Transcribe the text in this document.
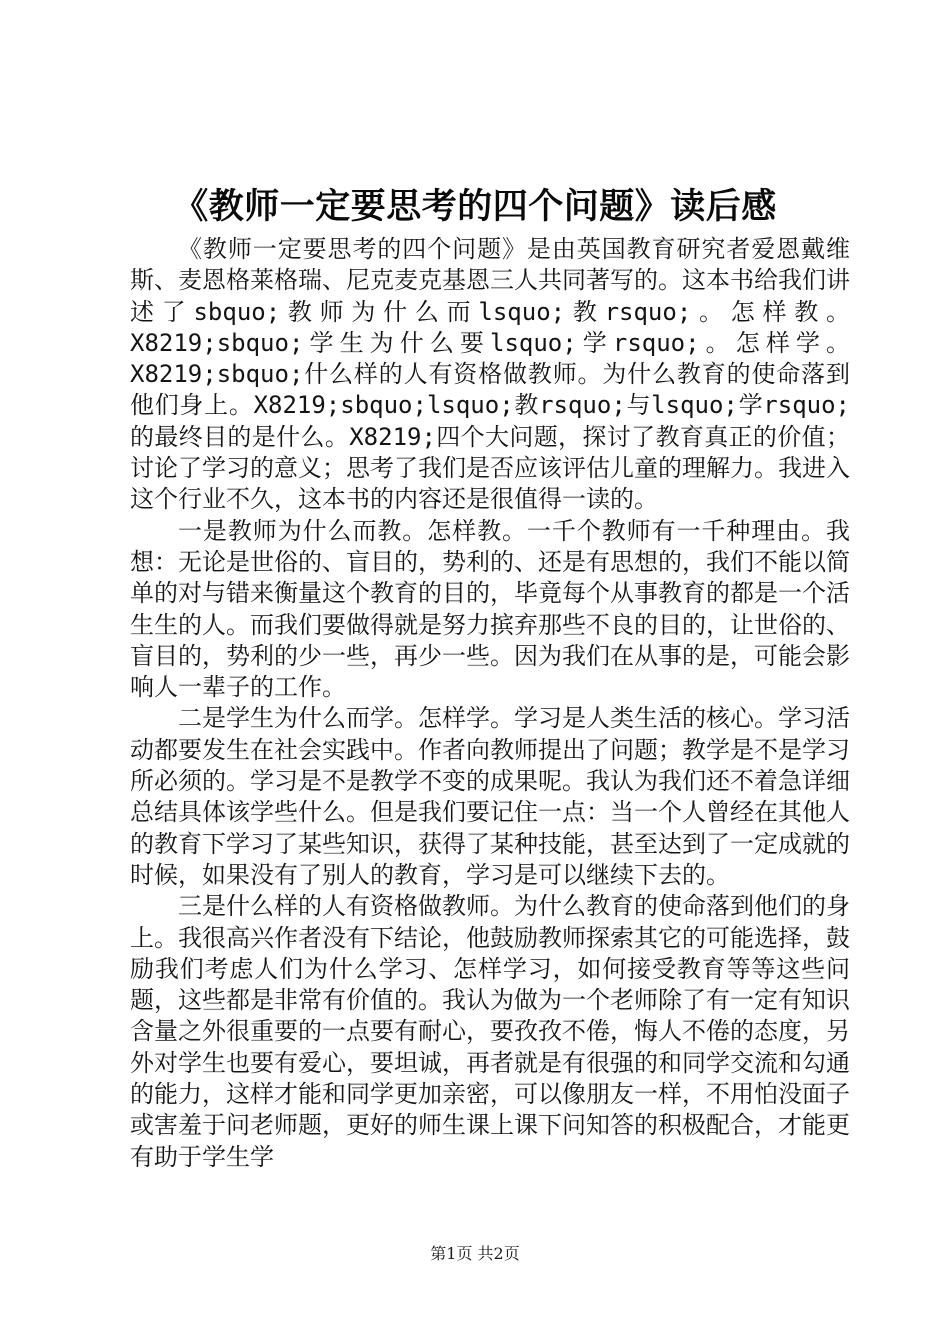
《教师一定要思考的四个问题》读后感

《教师一定要思考的四个问题》是由英国教育研究者爱恩戴维斯、麦恩格莱格瑞、尼克麦克基恩三人共同著写的。这本书给我们讲述了sbquo;教师为什么而lsquo;教rsquo;。怎样教。X8219;sbquo;学生为什么要lsquo;学rsquo;。怎样学。X8219;sbquo;什么样的人有资格做教师。为什么教育的使命落到他们身上。X8219;sbquo;lsquo;教rsquo;与lsquo;学rsquo;的最终目的是什么。X8219;四个大问题，探讨了教育真正的价值；讨论了学习的意义；思考了我们是否应该评估儿童的理解力。我进入这个行业不久，这本书的内容还是很值得一读的。

一是教师为什么而教。怎样教。一千个教师有一千种理由。我想：无论是世俗的、盲目的，势利的、还是有思想的，我们不能以简单的对与错来衡量这个教育的目的，毕竟每个从事教育的都是一个活生生的人。而我们要做得就是努力摈弃那些不良的目的，让世俗的、盲目的，势利的少一些，再少一些。因为我们在从事的是，可能会影响人一辈子的工作。

二是学生为什么而学。怎样学。学习是人类生活的核心。学习活动都要发生在社会实践中。作者向教师提出了问题；教学是不是学习所必须的。学习是不是教学不变的成果呢。我认为我们还不着急详细总结具体该学些什么。但是我们要记住一点：当一个人曾经在其他人的教育下学习了某些知识，获得了某种技能，甚至达到了一定成就的时候，如果没有了别人的教育，学习是可以继续下去的。

三是什么样的人有资格做教师。为什么教育的使命落到他们的身上。我很高兴作者没有下结论，他鼓励教师探索其它的可能选择，鼓励我们考虑人们为什么学习、怎样学习，如何接受教育等等这些问题，这些都是非常有价值的。我认为做为一个老师除了有一定有知识含量之外很重要的一点要有耐心，要孜孜不倦，悔人不倦的态度，另外对学生也要有爱心，要坦诚，再者就是有很强的和同学交流和勾通的能力，这样才能和同学更加亲密，可以像朋友一样，不用怕没面子或害羞于问老师题，更好的师生课上课下问知答的积极配合，才能更有助于学生学

第1页 共2页
